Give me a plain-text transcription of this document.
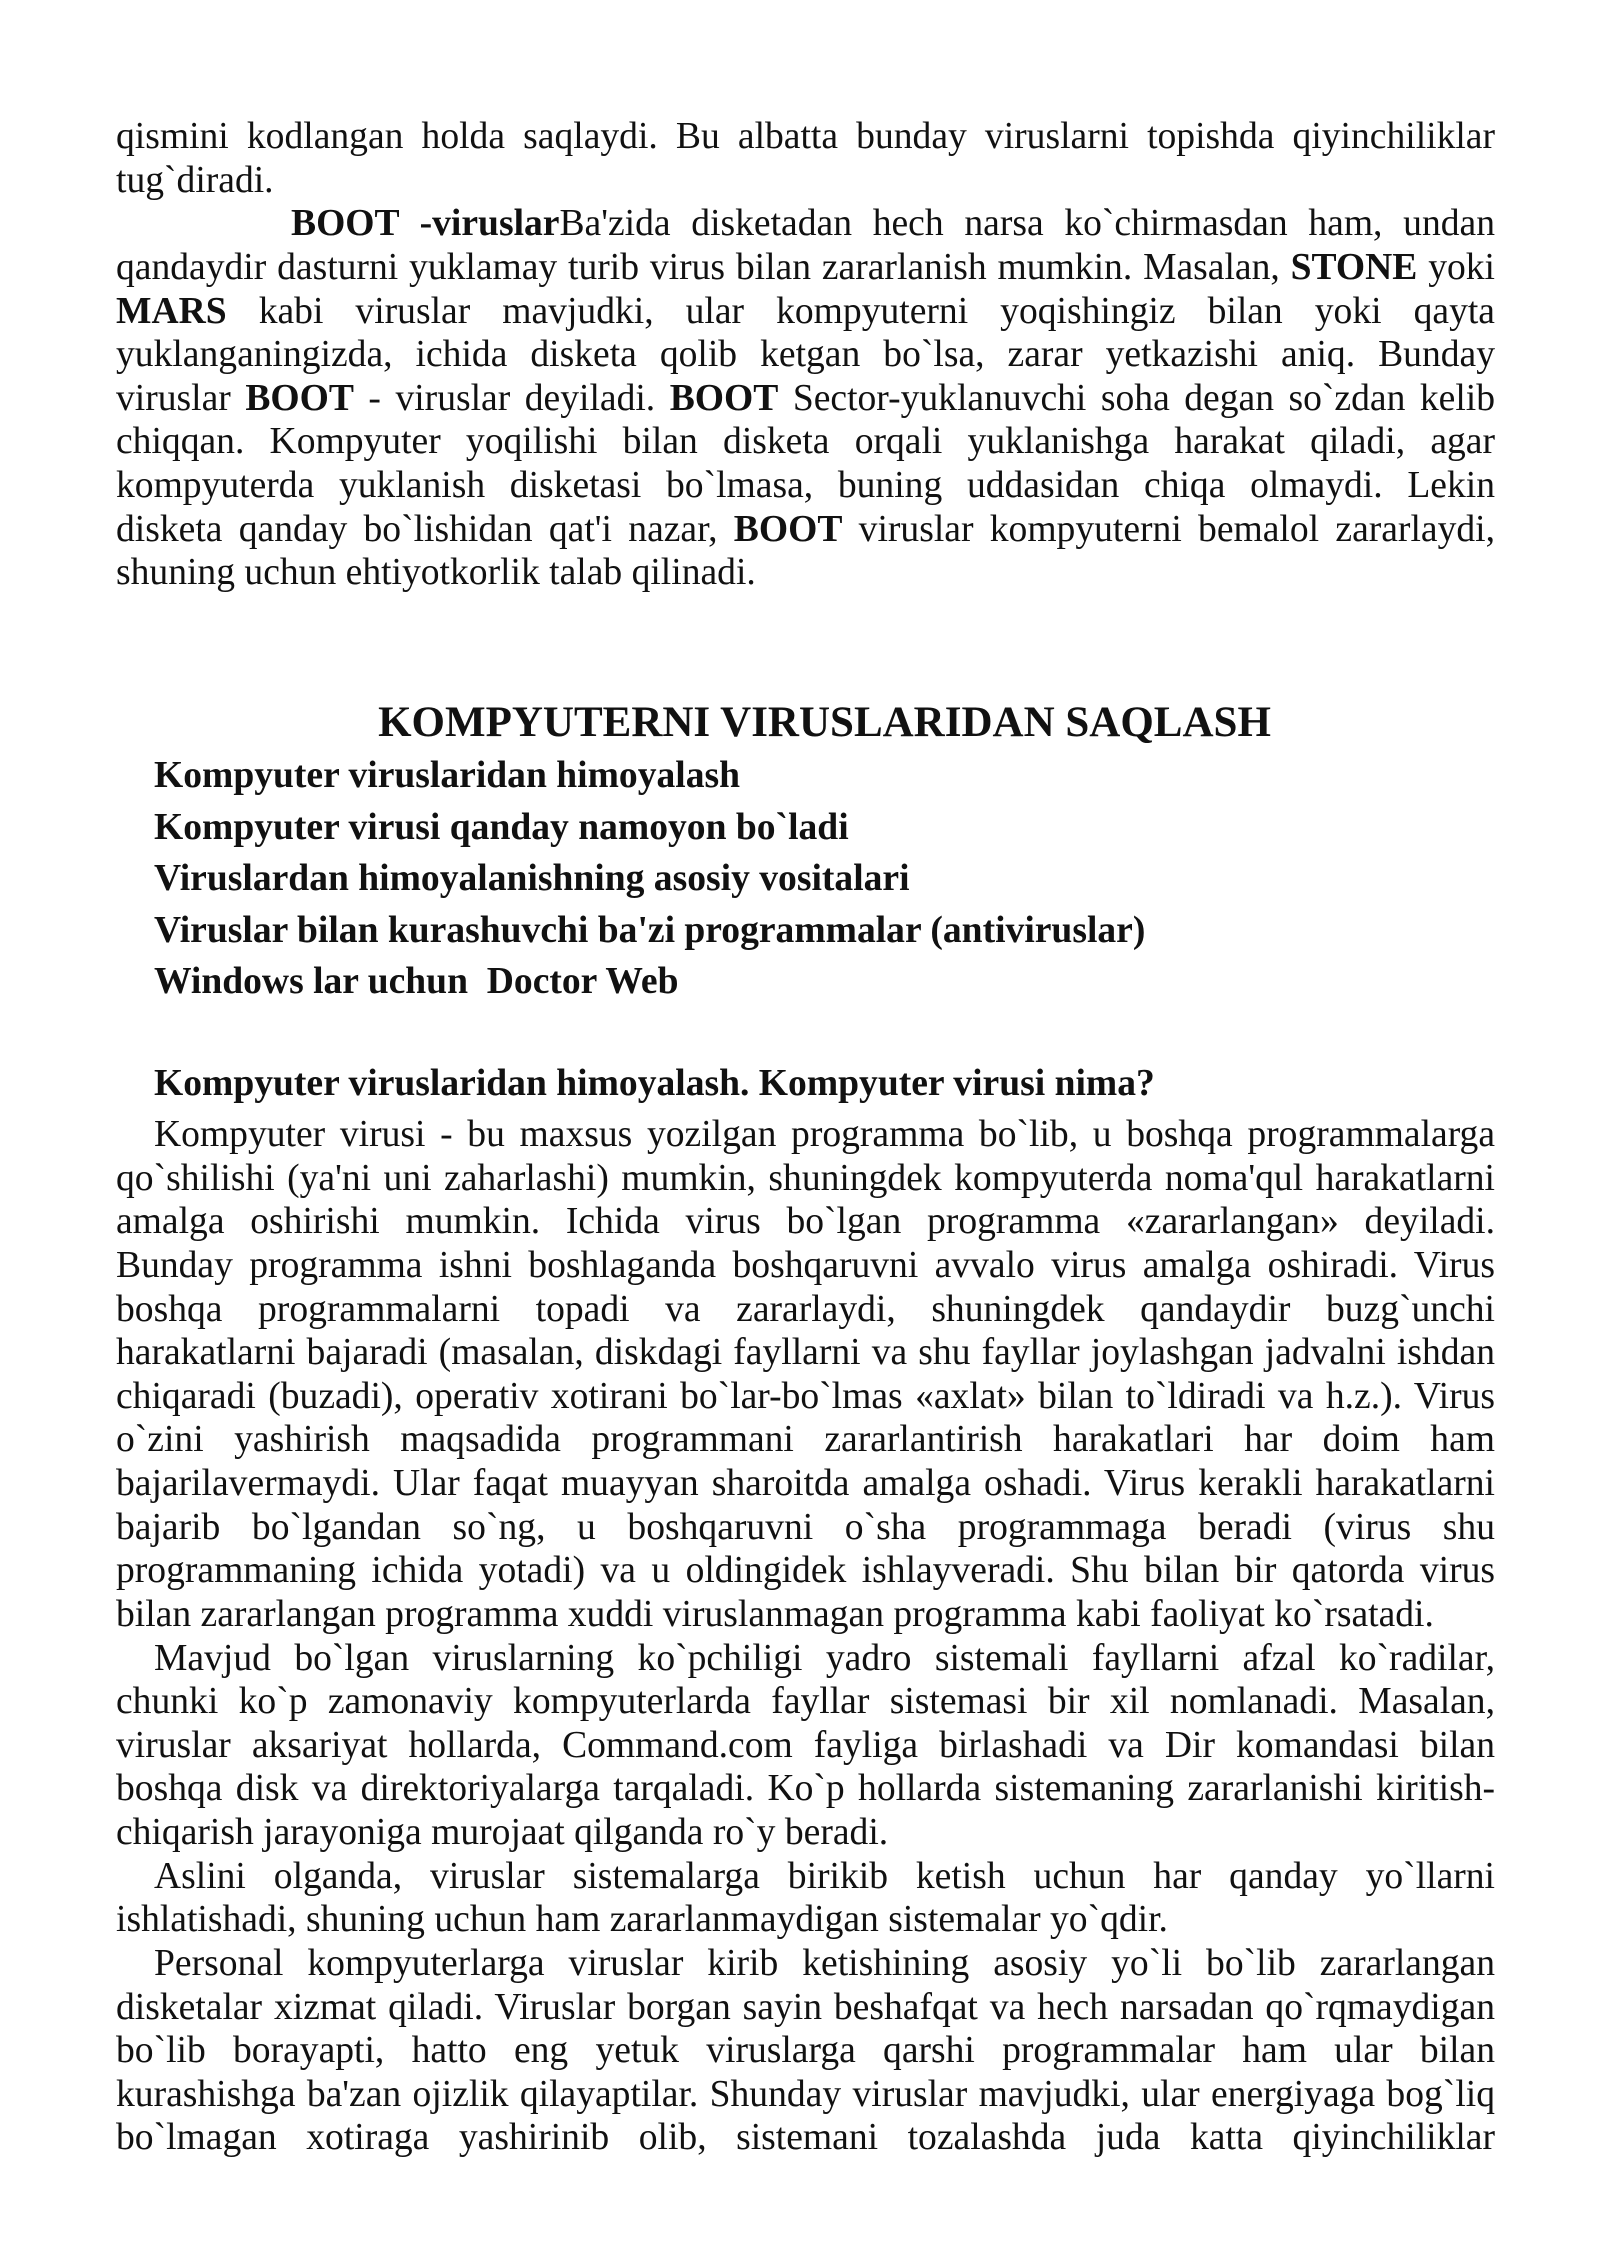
qismini kodlangan holda saqlaydi. Bu albatta bunday viruslarni topishda qiyinchiliklar
tug`diradi.
BOOT -viruslarBa'zida disketadan hech narsa ko`chirmasdan ham, undan
qandaydir dasturni yuklamay turib virus bilan zararlanish mumkin. Masalan, STONE yoki
MARS kabi viruslar mavjudki, ular kompyuterni yoqishingiz bilan yoki qayta
yuklanganingizda, ichida disketa qolib ketgan bo`lsa, zarar yetkazishi aniq. Bunday
viruslar BOOT - viruslar deyiladi. BOOT Sector-yuklanuvchi soha degan so`zdan kelib
chiqqan. Kompyuter yoqilishi bilan disketa orqali yuklanishga harakat qiladi, agar
kompyuterda yuklanish disketasi bo`lmasa, buning uddasidan chiqa olmaydi. Lekin
disketa qanday bo`lishidan qat'i nazar, BOOT viruslar kompyuterni bemalol zararlaydi,
shuning uchun ehtiyotkorlik talab qilinadi.
KOMPYUTERNI VIRUSLARIDAN SAQLASH
Kompyuter viruslaridan himoyalash
Kompyuter virusi qanday namoyon bo`ladi
Viruslardan himoyalanishning asosiy vositalari
Viruslar bilan kurashuvchi ba'zi programmalar (antiviruslar)
Windows lar uchun  Doctor Web
Kompyuter viruslaridan himoyalash. Kompyuter virusi nima?
Kompyuter virusi - bu maxsus yozilgan programma bo`lib, u boshqa programmalarga
qo`shilishi (ya'ni uni zaharlashi) mumkin, shuningdek kompyuterda noma'qul harakatlarni
amalga oshirishi mumkin. Ichida virus bo`lgan programma «zararlangan» deyiladi.
Bunday programma ishni boshlaganda boshqaruvni avvalo virus amalga oshiradi. Virus
boshqa programmalarni topadi va zararlaydi, shuningdek qandaydir buzg`unchi
harakatlarni bajaradi (masalan, diskdagi fayllarni va shu fayllar joylashgan jadvalni ishdan
chiqaradi (buzadi), operativ xotirani bo`lar-bo`lmas «axlat» bilan to`ldiradi va h.z.). Virus
o`zini yashirish maqsadida programmani zararlantirish harakatlari har doim ham
bajarilavermaydi. Ular faqat muayyan sharoitda amalga oshadi. Virus kerakli harakatlarni
bajarib bo`lgandan so`ng, u boshqaruvni o`sha programmaga beradi (virus shu
programmaning ichida yotadi) va u oldingidek ishlayveradi. Shu bilan bir qatorda virus
bilan zararlangan programma xuddi viruslanmagan programma kabi faoliyat ko`rsatadi.
Mavjud bo`lgan viruslarning ko`pchiligi yadro sistemali fayllarni afzal ko`radilar,
chunki ko`p zamonaviy kompyuterlarda fayllar sistemasi bir xil nomlanadi. Masalan,
viruslar aksariyat hollarda, Command.com fayliga birlashadi va Dir komandasi bilan
boshqa disk va direktoriyalarga tarqaladi. Ko`p hollarda sistemaning zararlanishi kiritish-
chiqarish jarayoniga murojaat qilganda ro`y beradi.
Aslini olganda, viruslar sistemalarga birikib ketish uchun har qanday yo`llarni
ishlatishadi, shuning uchun ham zararlanmaydigan sistemalar yo`qdir.
Personal kompyuterlarga viruslar kirib ketishining asosiy yo`li bo`lib zararlangan
disketalar xizmat qiladi. Viruslar borgan sayin beshafqat va hech narsadan qo`rqmaydigan
bo`lib borayapti, hatto eng yetuk viruslarga qarshi programmalar ham ular bilan
kurashishga ba'zan ojizlik qilayaptilar. Shunday viruslar mavjudki, ular energiyaga bog`liq
bo`lmagan xotiraga yashirinib olib, sistemani tozalashda juda katta qiyinchiliklar
